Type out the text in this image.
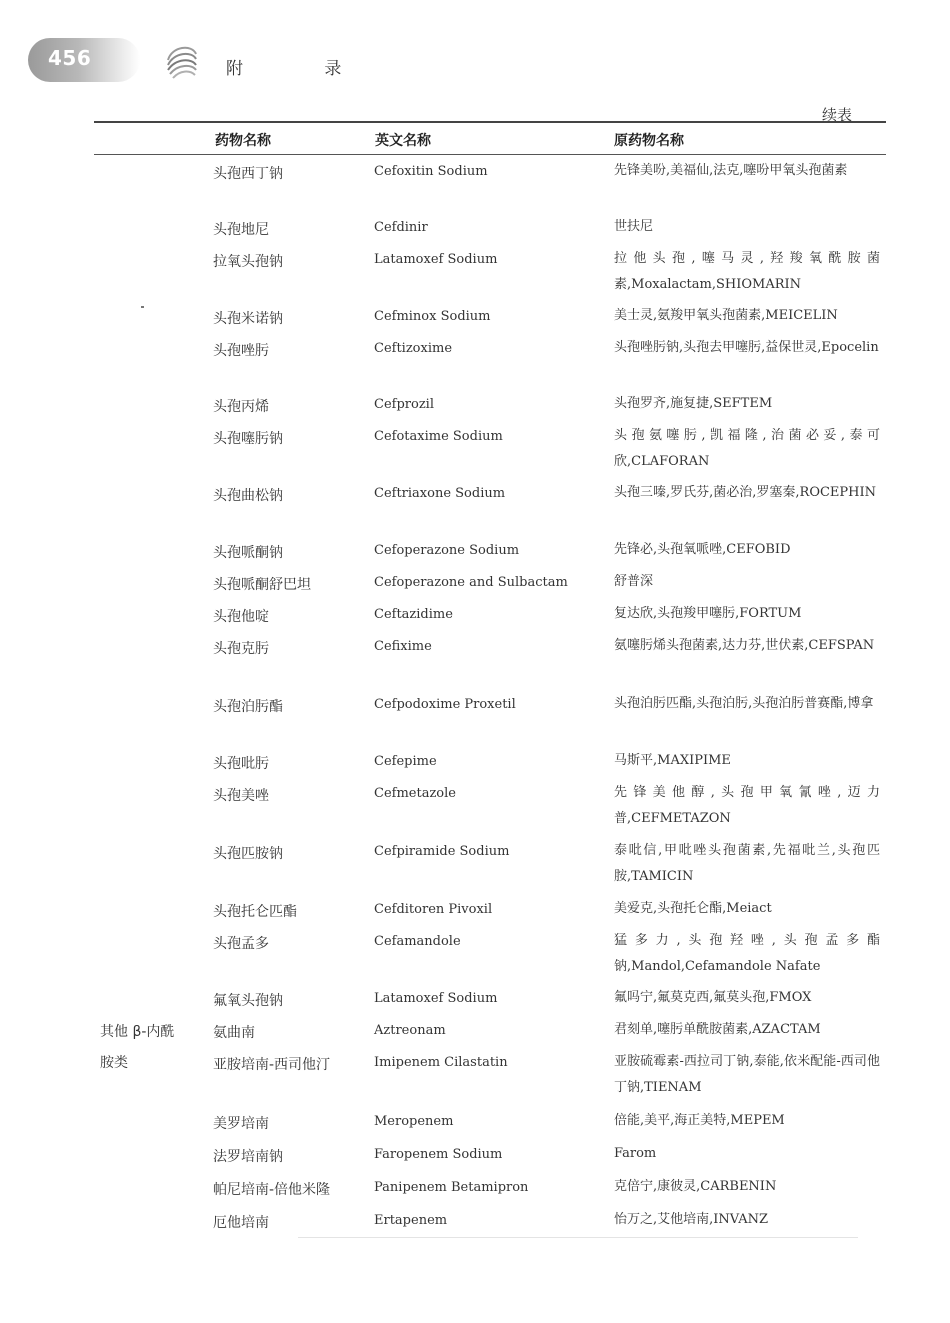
456	附 录
续表
药物名称	英文名称	原药物名称
其他 β-内酰
胺类
头孢西丁钠	Cefoxitin Sodium	先锋美吩,美福仙,法克,噻吩甲氧头孢菌素
头孢地尼	Cefdinir	世扶尼
拉氧头孢钠	Latamoxef Sodium	拉他头孢,噻马灵,羟羧氧酰胺菌素,Moxalactam,SHIOMARIN
头孢米诺钠	Cefminox Sodium	美士灵,氨羧甲氧头孢菌素,MEICELIN
头孢唑肟	Ceftizoxime	头孢唑肟钠,头孢去甲噻肟,益保世灵,Epocelin
头孢丙烯	Cefprozil	头孢罗齐,施复捷,SEFTEM
头孢噻肟钠	Cefotaxime Sodium	头孢氨噻肟,凯福隆,治菌必妥,泰可欣,CLAFORAN
头孢曲松钠	Ceftriaxone Sodium	头孢三嗪,罗氏芬,菌必治,罗塞秦,ROCEPHIN
头孢哌酮钠	Cefoperazone Sodium	先锋必,头孢氧哌唑,CEFOBID
头孢哌酮舒巴坦	Cefoperazone and Sulbactam	舒普深
头孢他啶	Ceftazidime	复达欣,头孢羧甲噻肟,FORTUM
头孢克肟	Cefixime	氨噻肟烯头孢菌素,达力芬,世伏素,CEFSPAN
头孢泊肟酯	Cefpodoxime Proxetil	头孢泊肟匹酯,头孢泊肟,头孢泊肟普赛酯,博拿
头孢吡肟	Cefepime	马斯平,MAXIPIME
头孢美唑	Cefmetazole	先锋美他醇,头孢甲氧氰唑,迈力普,CEFMETAZON
头孢匹胺钠	Cefpiramide Sodium	泰吡信,甲吡唑头孢菌素,先福吡兰,头孢匹胺,TAMICIN
头孢托仑匹酯	Cefditoren Pivoxil	美爱克,头孢托仑酯,Meiact
头孢孟多	Cefamandole	猛多力,头孢羟唑,头孢孟多酯钠,Mandol,Cefamandole Nafate
氟氧头孢钠	Latamoxef Sodium	氟吗宁,氟莫克西,氟莫头孢,FMOX
氨曲南	Aztreonam	君刻单,噻肟单酰胺菌素,AZACTAM
亚胺培南-西司他汀	Imipenem Cilastatin	亚胺硫霉素-西拉司丁钠,泰能,依米配能-西司他丁钠,TIENAM
美罗培南	Meropenem	倍能,美平,海正美特,MEPEM
法罗培南钠	Faropenem Sodium	Farom
帕尼培南-倍他米隆	Panipenem Betamipron	克倍宁,康彼灵,CARBENIN
厄他培南	Ertapenem	怡万之,艾他培南,INVANZ
